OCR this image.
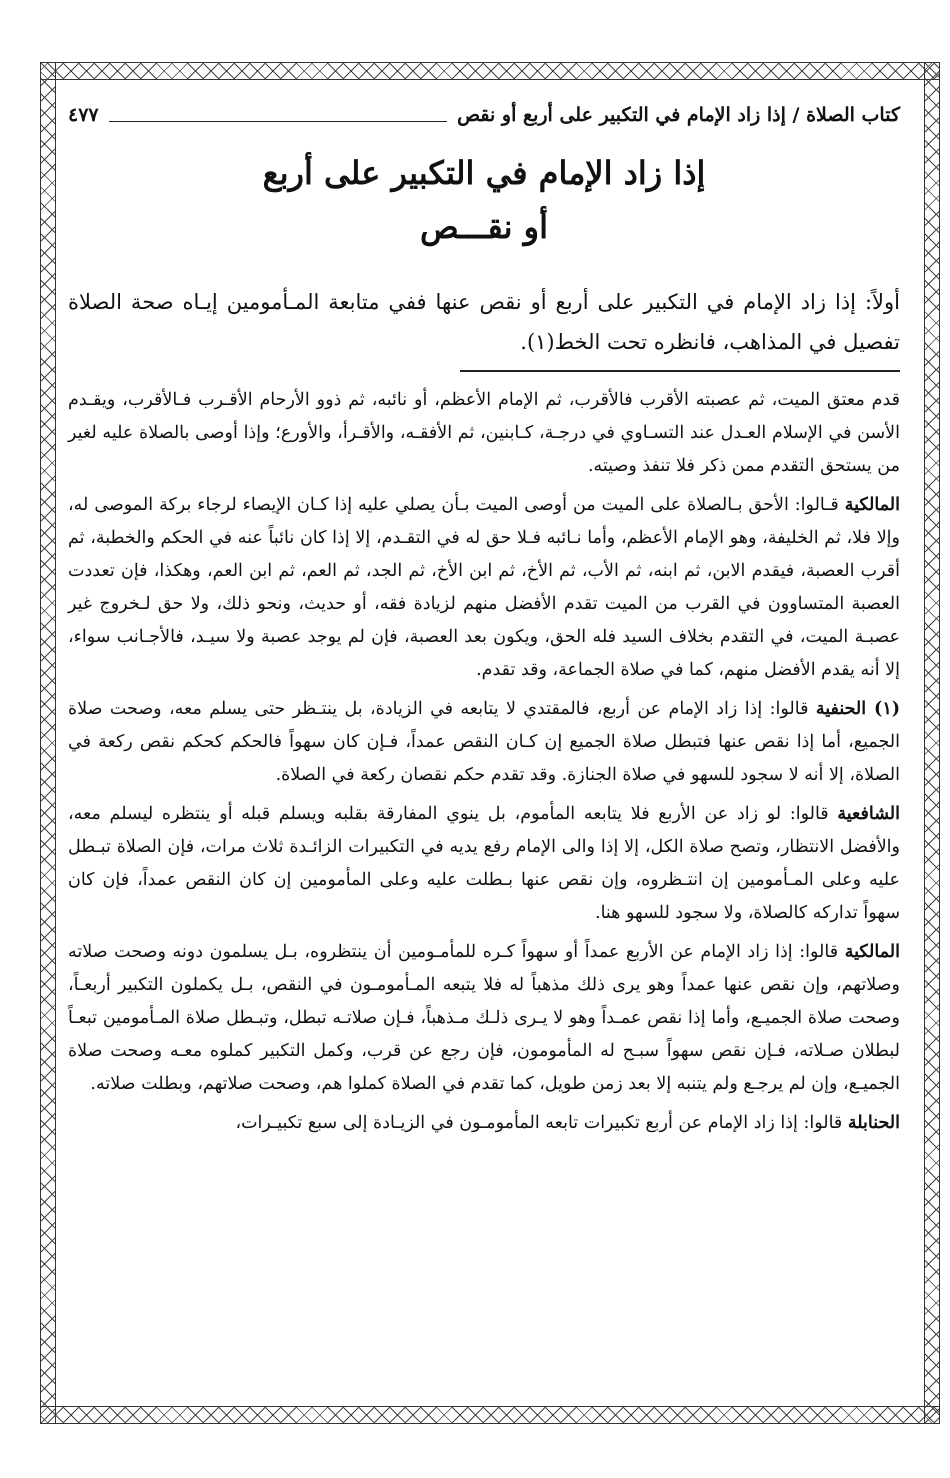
كتاب الصلاة / إذا زاد الإمام في التكبير على أربع أو نقص
٤٧٧
إذا زاد الإمام في التكبير على أربع
أو نقـــص
أولاً: إذا زاد الإمام في التكبير على أربع أو نقص عنها ففي متابعة المـأمومين إيـاه صحة الصلاة تفصيل في المذاهب، فانظره تحت الخط(١).
قدم معتق الميت، ثم عصبته الأقرب فالأقرب، ثم الإمام الأعظم، أو نائبه، ثم ذوو الأرحام الأقـرب فـالأقرب، ويقـدم الأسن في الإسلام العـدل عند التسـاوي في درجـة، كـابنين، ثم الأفقـه، والأقـرأ، والأورع؛ وإذا أوصى بالصلاة عليه لغير من يستحق التقدم ممن ذكر فلا تنفذ وصيته.
المالكية قـالوا: الأحق بـالصلاة على الميت من أوصى الميت بـأن يصلي عليه إذا كـان الإيصاء لرجاء بركة الموصى له، وإلا فلا، ثم الخليفة، وهو الإمام الأعظم، وأما نـائبه فـلا حق له في التقـدم، إلا إذا كان نائباً عنه في الحكم والخطبة، ثم أقرب العصبة، فيقدم الابن، ثم ابنه، ثم الأب، ثم الأخ، ثم ابن الأخ، ثم الجد، ثم العم، ثم ابن العم، وهكذا، فإن تعددت العصبة المتساوون في القرب من الميت تقدم الأفضل منهم لزيادة فقه، أو حديث، ونحو ذلك، ولا حق لـخروج غير عصبـة الميت، في التقدم بخلاف السيد فله الحق، ويكون بعد العصبة، فإن لم يوجد عصبة ولا سيـد، فالأجـانب سواء، إلا أنه يقدم الأفضل منهم، كما في صلاة الجماعة، وقد تقدم.
(١) الحنفية قالوا: إذا زاد الإمام عن أربع، فالمقتدي لا يتابعه في الزيادة، بل ينتـظر حتى يسلم معه، وصحت صلاة الجميع، أما إذا نقص عنها فتبطل صلاة الجميع إن كـان النقص عمداً، فـإن كان سهواً فالحكم كحكم نقص ركعة في الصلاة، إلا أنه لا سجود للسهو في صلاة الجنازة. وقد تقدم حكم نقصان ركعة في الصلاة.
الشافعية قالوا: لو زاد عن الأربع فلا يتابعه المأموم، بل ينوي المفارقة بقلبه ويسلم قبله أو ينتظره ليسلم معه، والأفضل الانتظار، وتصح صلاة الكل، إلا إذا والى الإمام رفع يديه في التكبيرات الزائـدة ثلاث مرات، فإن الصلاة تبـطل عليه وعلى المـأمومين إن انتـظروه، وإن نقص عنها بـطلت عليه وعلى المأمومين إن كان النقص عمداً، فإن كان سهواً تداركه كالصلاة، ولا سجود للسهو هنا.
المالكية قالوا: إذا زاد الإمام عن الأربع عمداً أو سهواً كـره للمأمـومين أن ينتظروه، بـل يسلمون دونه وصحت صلاته وصلاتهم، وإن نقص عنها عمداً وهو يرى ذلك مذهباً له فلا يتبعه المـأمومـون في النقص، بـل يكملون التكبير أربعـاً، وصحت صلاة الجميـع، وأما إذا نقص عمـداً وهو لا يـرى ذلـك مـذهباً، فـإن صلاتـه تبطل، وتبـطل صلاة المـأمومين تبعـاً لبطلان صـلاته، فـإن نقص سهواً سبـح له المأمومون، فإن رجع عن قرب، وكمل التكبير كملوه معـه وصحت صلاة الجميـع، وإن لم يرجـع ولم يتنبه إلا بعد زمن طويل، كما تقدم في الصلاة كملوا هم، وصحت صلاتهم، وبطلت صلاته.
الحنابلة قالوا: إذا زاد الإمام عن أربع تكبيرات تابعه المأمومـون في الزيـادة إلى سبع تكبيـرات،
